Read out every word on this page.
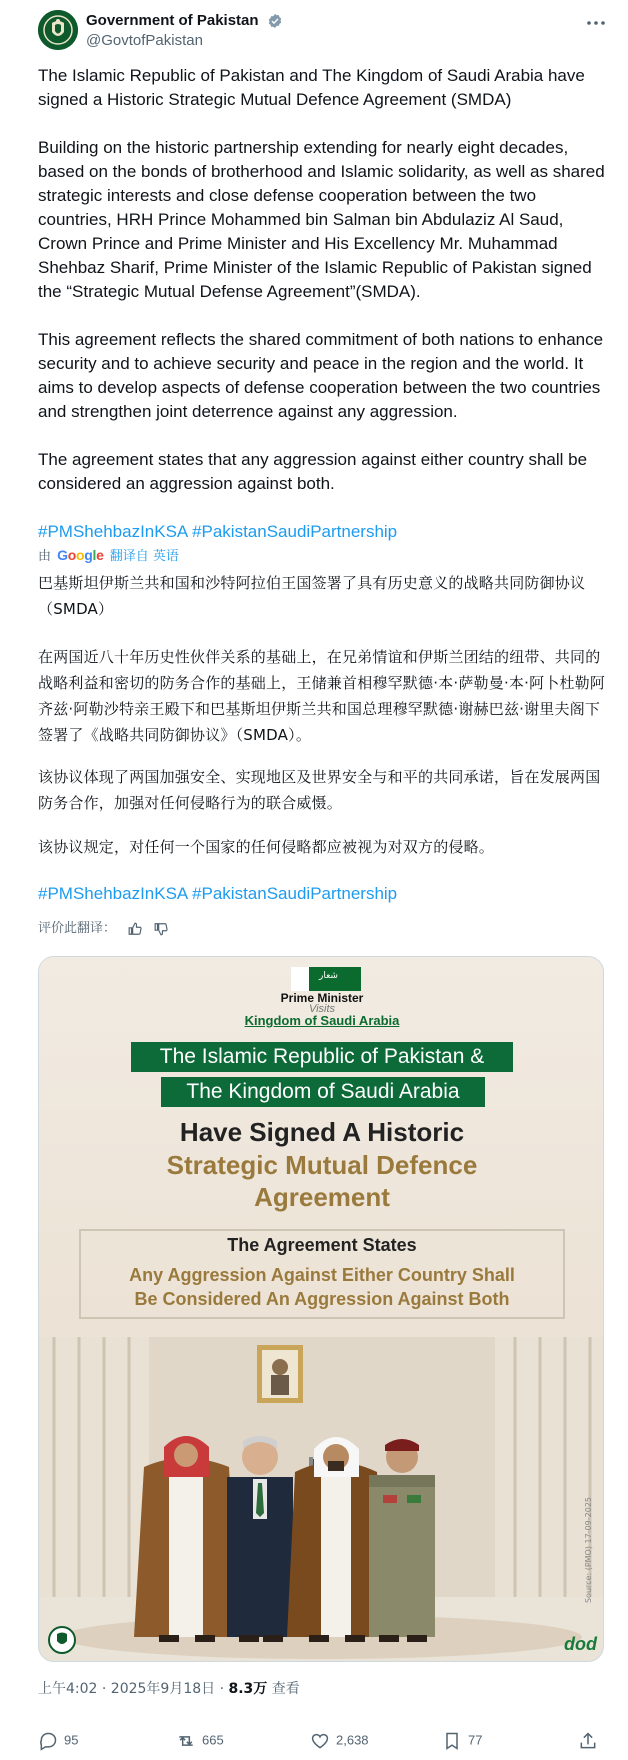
Government of Pakistan
@GovtofPakistan
The Islamic Republic of Pakistan and The Kingdom of Saudi Arabia have signed a Historic Strategic Mutual Defence Agreement (SMDA)
Building on the historic partnership extending for nearly eight decades, based on the bonds of brotherhood and Islamic solidarity, as well as shared strategic interests and close defense cooperation between the two countries, HRH Prince Mohammed bin Salman bin Abdulaziz Al Saud, Crown Prince and Prime Minister and His Excellency Mr. Muhammad Shehbaz Sharif, Prime Minister of the Islamic Republic of Pakistan signed the “Strategic Mutual Defense Agreement”(SMDA).
This agreement reflects the shared commitment of both nations to enhance security and to achieve security and peace in the region and the world. It aims to develop aspects of defense cooperation between the two countries and strengthen joint deterrence against any aggression.
The agreement states that any aggression against either country shall be considered an aggression against both.
#PMShehbazInKSA #PakistanSaudiPartnership
由 Google 翻译自 英语
巴基斯坦伊斯兰共和国和沙特阿拉伯王国签署了具有历史意义的战略共同防御协议（SMDA）
在两国近八十年历史性伙伴关系的基础上，在兄弟情谊和伊斯兰团结的纽带、共同的战略利益和密切的防务合作的基础上，王储兼首相穆罕默德·本·萨勒曼·本·阿卜杜勒阿齐兹·阿勒沙特亲王殿下和巴基斯坦伊斯兰共和国总理穆罕默德·谢赫巴兹·谢里夫阁下签署了《战略共同防御协议》（SMDA）。
该协议体现了两国加强安全、实现地区及世界安全与和平的共同承诺，旨在发展两国防务合作，加强对任何侵略行为的联合威慑。
该协议规定，对任何一个国家的任何侵略都应被视为对双方的侵略。
#PMShehbazInKSA #PakistanSaudiPartnership
评价此翻译：
شعار
Prime Minister
Visits
Kingdom of Saudi Arabia
The Islamic Republic of Pakistan &
The Kingdom of Saudi Arabia
Have Signed A Historic
Strategic Mutual Defence
Agreement
The Agreement States
Any Aggression Against Either Country Shall
Be Considered An Aggression Against Both
Source: (PMO) 17-09-2025
dod
上午4:02 · 2025年9月18日 · 8.3万 查看
95	665	2,638	77
